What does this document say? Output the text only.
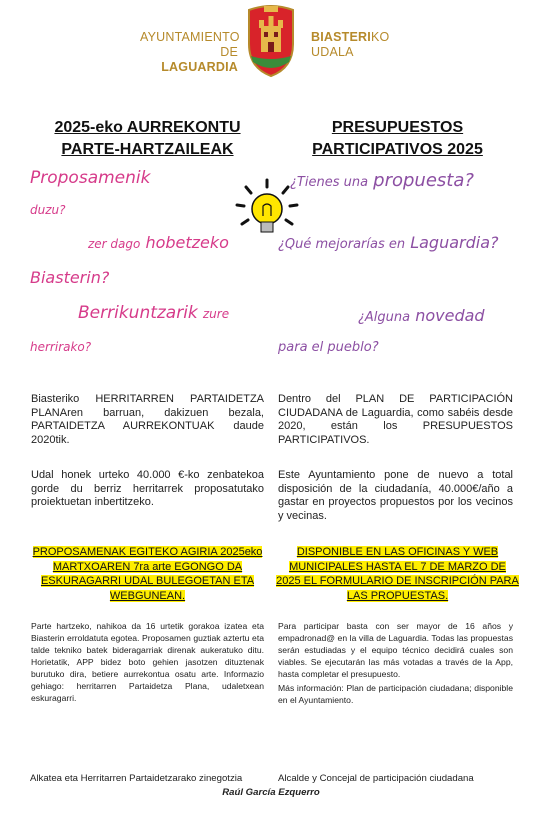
AYUNTAMIENTO
DE LAGUARDIA
BIASTERIKO
UDALA
2025-eko AURREKONTU
PARTE-HARTZAILEAK
PRESUPUESTOS
PARTICIPATIVOS 2025
Proposamenik
duzu?
zer dago hobetzeko
Biasterin?
Berrikuntzarik zure
herrirako?
¿Tienes una propuesta?
¿Qué mejorarías en Laguardia?
¿Alguna novedad
para el pueblo?
Biasteriko HERRITARREN PARTAIDETZA PLANAren barruan, dakizuen bezala, PARTAIDETZA AURREKONTUAK daude 2020tik.
Udal honek urteko 40.000 €-ko zenbatekoa gorde du berriz herritarrek proposatutako proiektuetan inbertitzeko.
Dentro del PLAN DE PARTICIPACIÓN CIUDADANA de Laguardia, como sabéis desde 2020, están los PRESUPUESTOS PARTICIPATIVOS.
Este Ayuntamiento pone de nuevo a total disposición de la ciudadanía, 40.000€/año a gastar en proyectos propuestos por los vecinos y vecinas.
PROPOSAMENAK EGITEKO AGIRIA 2025eko
MARTXOAREN 7ra arte EGONGO DA
ESKURAGARRI UDAL BULEGOETAN ETA
WEBGUNEAN.
DISPONIBLE EN LAS OFICINAS Y WEB
MUNICIPALES HASTA EL 7 DE MARZO DE
2025 EL FORMULARIO DE INSCRIPCIÓN PARA
LAS PROPUESTAS.
Parte hartzeko, nahikoa da 16 urtetik gorakoa izatea eta Biasterin erroldatuta egotea. Proposamen guztiak aztertu eta talde tekniko batek bideragarriak direnak aukeratuko ditu. Horietatik, APP bidez boto gehien jasotzen dituztenak burutuko dira, betiere aurrekontua osatu arte. Informazio gehiago: herritarren Partaidetza Plana, udaletxean eskuragarri.
Para participar basta con ser mayor de 16 años y empadronad@ en la villa de Laguardia. Todas las propuestas serán estudiadas y el equipo técnico decidirá cuales son viables. Se ejecutarán las más votadas a través de la App, hasta completar el presupuesto.
Más información: Plan de participación ciudadana; disponible en el Ayuntamiento.
Alkatea eta Herritarren Partaidetzarako zinegotzia	Alcalde y Concejal de participación ciudadana
Raúl García Ezquerro
